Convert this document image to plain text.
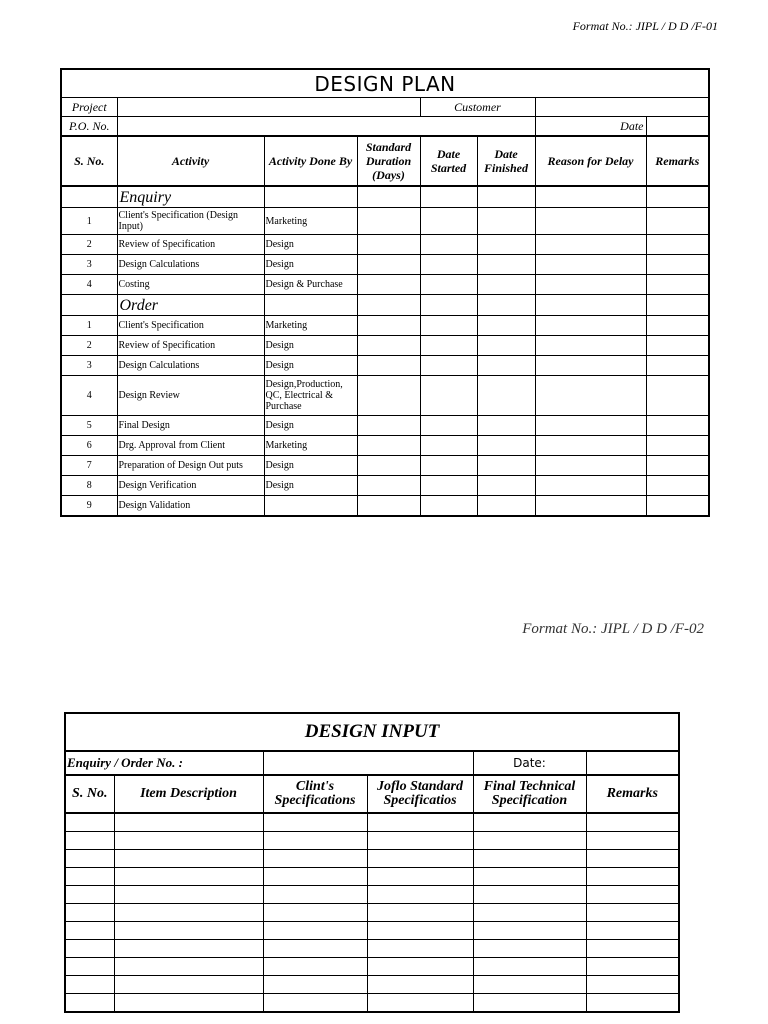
Format No.: JIPL / D D /F-01
DESIGN PLAN							
Project				Customer			
P.O. No.						Date	
S. No.	Activity	Activity Done By	Standard Duration (Days)	Date Started	Date Finished	Reason for Delay	Remarks
	Enquiry						
1	Client's Specification (Design Input)	Marketing					
2	Review of Specification	Design					
3	Design Calculations	Design					
4	Costing	Design & Purchase					
	Order						
1	Client's Specification	Marketing					
2	Review of Specification	Design					
3	Design Calculations	Design					
4	Design Review	Design,Production, QC, Electrical & Purchase					
5	Final Design	Design					
6	Drg. Approval from Client	Marketing					
7	Preparation of Design Out puts	Design					
8	Design Verification	Design					
9	Design Validation						
Format No.: JIPL / D D /F-02
DESIGN INPUT					
Enquiry / Order No. :				Date:	
S. No.	Item Description	Clint's Specifications	Joflo Standard Specificatios	Final Technical Specification	Remarks
